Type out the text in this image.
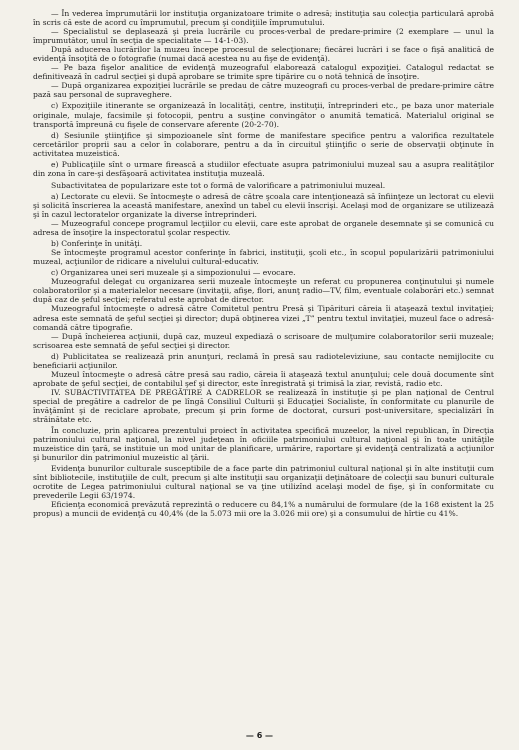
— În vederea împrumutării lor instituţia organizatoare trimite o adresă; instituţia sau colecţia particulară aprobă în scris că este de acord cu împrumutul, precum şi condiţiile împrumutului.

— Specialistul se deplasează şi preia lucrările cu proces-verbal de predare-primire (2 exemplare — unul la împrumutător, unul în secţia de specialitate — 14-1-03).

După aducerea lucrărilor la muzeu începe procesul de selecţionare; fiecărei lucrări i se face o fişă analitică de evidenţă însoţită de o fotografie (numai dacă acestea nu au fişe de evidenţă).

— Pe baza fişelor analitice de evidenţă muzeograful elaborează catalogul expoziţiei. Catalogul redactat se definitivează în cadrul secţiei şi după aprobare se trimite spre tipărire cu o notă tehnică de însoţire.

— După organizarea expoziţiei lucrările se predau de către muzeografi cu proces-verbal de predare-primire către pază sau personal de supraveghere.

c) Expoziţiile itinerante se organizează în localităţi, centre, instituţii, întreprinderi etc., pe baza unor materiale originale, mulaje, facsimile şi fotocopii, pentru a susţine convingător o anumită tematică. Materialul original se transportă împreună cu fişele de conservare aferente (20-2-70).

d) Sesiunile ştiinţifice şi simpozioanele sînt forme de manifestare specifice pentru a valorifica rezultatele cercetărilor proprii sau a celor în colaborare, pentru a da în circuitul ştiinţific o serie de observaţii obţinute în activitatea muzeistică.

e) Publicaţiile sînt o urmare firească a studiilor efectuate asupra patrimoniului muzeal sau a asupra realităţilor din zona în care-şi desfăşoară activitatea instituţia muzeală.

Subactivitatea de popularizare este tot o formă de valorificare a patrimoniului muzeal.

a) Lectorate cu elevii. Se întocmeşte o adresă de către şcoala care intenţionează să înfiinţeze un lectorat cu elevii şi solicită înscrierea la această manifestare, anexînd un tabel cu elevii înscrişi. Acelaşi mod de organizare se utilizează şi în cazul lectoratelor organizate la diverse întreprinderi.

— Muzeograful concepe programul lecţiilor cu elevii, care este aprobat de organele desemnate şi se comunică cu adresa de însoţire la inspectoratul şcolar respectiv.

b) Conferinţe în unităţi.

Se întocmeşte programul acestor conferinţe în fabrici, instituţii, şcoli etc., în scopul popularizării patrimoniului muzeal, acţiunilor de ridicare a nivelului cultural-educativ.

c) Organizarea unei seri muzeale şi a simpozionului — evocare.

Muzeograful delegat cu organizarea serii muzeale întocmeşte un referat cu propunerea conţinutului şi numele colaboratorilor şi a materialelor necesare (invitaţii, afişe, flori, anunţ radio—TV, film, eventuale colaborări etc.) semnat după caz de şeful secţiei; referatul este aprobat de director.

Muzeograful întocmeşte o adresă către Comitetul pentru Presă şi Tipărituri căreia îi ataşează textul invitaţiei; adresa este semnată de şeful secţiei şi director; după obţinerea vizei „T” pentru textul invitaţiei, muzeul face o adresă-comandă către tipografie.

— După încheierea acţiunii, după caz, muzeul expediază o scrisoare de mulţumire colaboratorilor serii muzeale; scrisoarea este semnată de şeful secţiei şi director.

d) Publicitatea se realizează prin anunţuri, reclamă în presă sau radioteleviziune, sau contacte nemijlocite cu beneficiarii acţiunilor.

Muzeul întocmeşte o adresă către presă sau radio, căreia îi ataşează textul anunţului; cele două documente sînt aprobate de şeful secţiei, de contabilul şef şi director, este înregistrată şi trimisă la ziar, revistă, radio etc.

IV. SUBACTIVITATEA DE PREGĂTIRE A CADRELOR se realizează în instituţie şi pe plan naţional de Centrul special de pregătire a cadrelor de pe lîngă Consiliul Culturii şi Educaţiei Socialiste, în conformitate cu planurile de învăţămînt şi de reciclare aprobate, precum şi prin forme de doctorat, cursuri post-universitare, specializări în străinătate etc.

În concluzie, prin aplicarea prezentului proiect în activitatea specifică muzeelor, la nivel republican, în Direcţia patrimoniului cultural naţional, la nivel judeţean în oficiile patrimoniului cultural naţional şi în toate unităţile muzeistice din ţară, se instituie un mod unitar de planificare, urmărire, raportare şi evidenţă centralizată a acţiunilor şi bunurilor din patrimoniul muzeistic al ţării.

Evidenţa bunurilor culturale susceptibile de a face parte din patrimoniul cultural naţional şi în alte instituţii cum sînt bibliotecile, instituţiile de cult, precum şi alte instituţii sau organizaţii deţinătoare de colecţii sau bunuri culturale ocrotite de Legea patrimoniului cultural naţional se va ţine utilizînd acelaşi model de fişe, şi în conformitate cu prevederile Legii 63/1974.

Eficienţa economică prevăzută reprezintă o reducere cu 84,1% a numărului de formulare (de la 168 existent la 25 propus) a muncii de evidenţă cu 40,4% (de la 5.073 mii ore la 3.026 mii ore) şi a consumului de hîrtie cu 41%.

— 6 —
